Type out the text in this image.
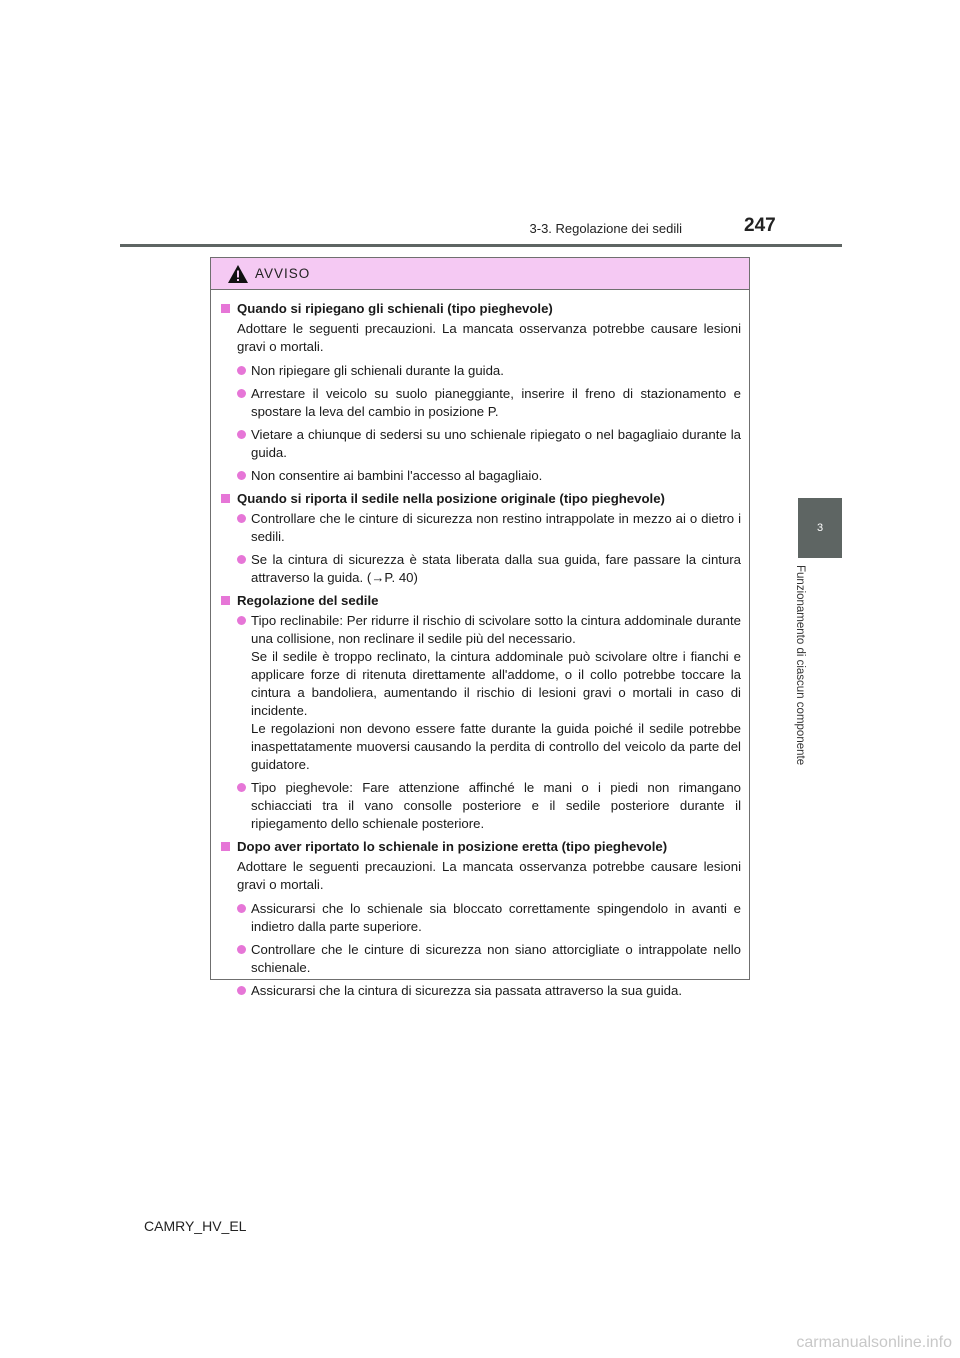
3-3. Regolazione dei sedili	247
3
Funzionamento di ciascun componente
AVVISO
Quando si ripiegano gli schienali (tipo pieghevole)
Adottare le seguenti precauzioni. La mancata osservanza potrebbe causare lesioni gravi o mortali.

Non ripiegare gli schienali durante la guida.

Arrestare il veicolo su suolo pianeggiante, inserire il freno di stazionamento e spostare la leva del cambio in posizione P.

Vietare a chiunque di sedersi su uno schienale ripiegato o nel bagagliaio durante la guida.

Non consentire ai bambini l'accesso al bagagliaio.

Quando si riporta il sedile nella posizione originale (tipo pieghevole)

Controllare che le cinture di sicurezza non restino intrappolate in mezzo ai o dietro i sedili.

Se la cintura di sicurezza è stata liberata dalla sua guida, fare passare la cintura attraverso la guida. (→P. 40)

Regolazione del sedile

Tipo reclinabile: Per ridurre il rischio di scivolare sotto la cintura addominale durante una collisione, non reclinare il sedile più del necessario.

Se il sedile è troppo reclinato, la cintura addominale può scivolare oltre i fianchi e applicare forze di ritenuta direttamente all'addome, o il collo potrebbe toccare la cintura a bandoliera, aumentando il rischio di lesioni gravi o mortali in caso di incidente.

Le regolazioni non devono essere fatte durante la guida poiché il sedile potrebbe inaspettatamente muoversi causando la perdita di controllo del veicolo da parte del guidatore.

Tipo pieghevole: Fare attenzione affinché le mani o i piedi non rimangano schiacciati tra il vano consolle posteriore e il sedile posteriore durante il ripiegamento dello schienale posteriore.

Dopo aver riportato lo schienale in posizione eretta (tipo pieghevole)
Adottare le seguenti precauzioni. La mancata osservanza potrebbe causare lesioni gravi o mortali.

Assicurarsi che lo schienale sia bloccato correttamente spingendolo in avanti e indietro dalla parte superiore.

Controllare che le cinture di sicurezza non siano attorcigliate o intrappolate nello schienale.

Assicurarsi che la cintura di sicurezza sia passata attraverso la sua guida.

CAMRY_HV_EL
carmanualsonline.info
